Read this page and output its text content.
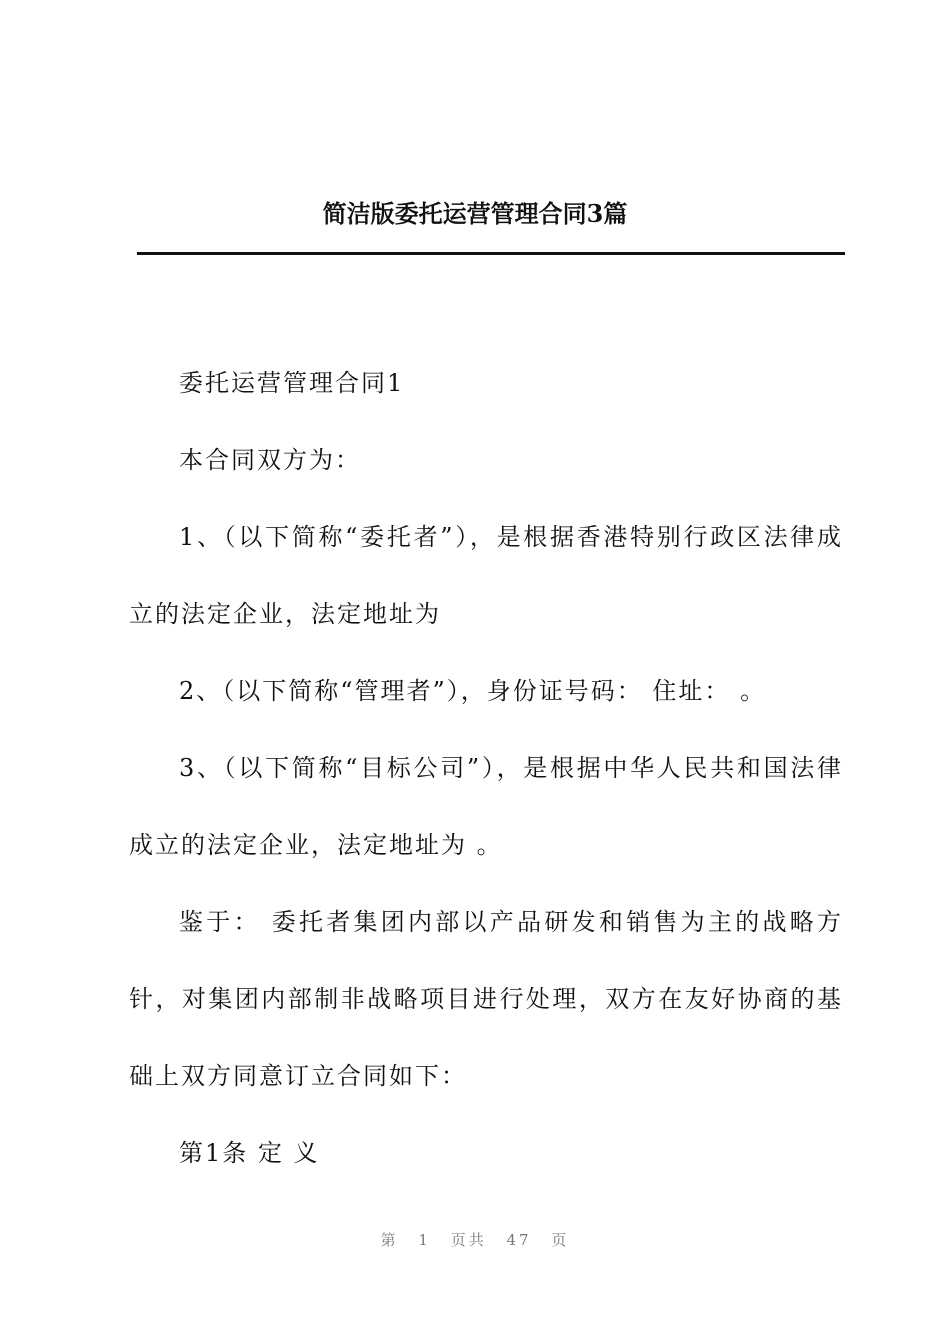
简洁版委托运营管理合同3篇

委托运营管理合同1

本合同双方为：

1、（以下简称“委托者”），是根据香港特别行政区法律成立的法定企业，法定地址为

2、（以下简称“管理者”），身份证号码： 住址： 。

3、（以下简称“目标公司”），是根据中华人民共和国法律成立的法定企业，法定地址为 。

鉴于： 委托者集团内部以产品研发和销售为主的战略方针，对集团内部制非战略项目进行处理，双方在友好协商的基础上双方同意订立合同如下：

第1条 定 义

第 1 页共 47 页
